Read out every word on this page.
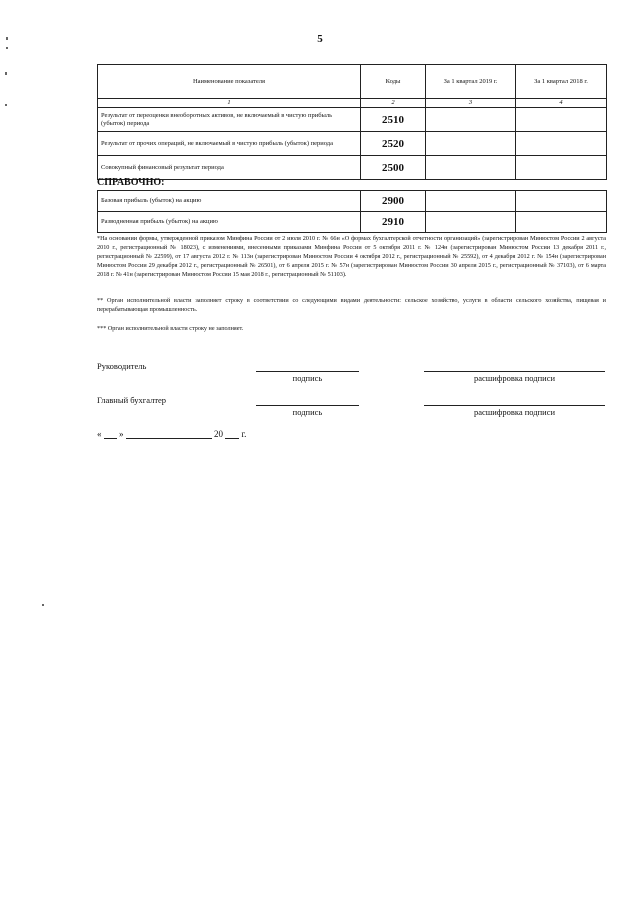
5
Наименование показателя	Коды	За 1 квартал 2019 г.	За 1 квартал 2018 г.
1	2	3	4
Результат от переоценки внеоборотных активов, не включаемый в чистую прибыль (убыток) периода	2510		
Результат от прочих операций, не включаемый в чистую прибыль (убыток) периода	2520		
Совокупный финансовый результат периода	2500		
СПРАВОЧНО:
Базовая прибыль (убыток) на акцию	2900		
Разводненная прибыль (убыток) на акцию	2910		
*На основании формы, утвержденной приказом Минфина России от 2 июля 2010 г. № 66н «О формах бухгалтерской отчетности организаций» (зарегистрирован Минюстом России 2 августа 2010 г., регистрационный № 18023), с изменениями, внесенными приказами Минфина России от 5 октября 2011 г. № 124н (зарегистрирован Минюстом России 13 декабря 2011 г., регистрационный № 22599), от 17 августа 2012 г. № 113н (зарегистрирован Минюстом России 4 октября 2012 г., регистрационный № 25592), от 4 декабря 2012 г. № 154н (зарегистрирован Минюстом России 29 декабря 2012 г., регистрационный № 26501), от 6 апреля 2015 г. № 57н (зарегистрирован Минюстом России 30 апреля 2015 г., регистрационный № 37103), от 6 марта 2018 г. № 41н (зарегистрирован Минюстом России 15 мая 2018 г., регистрационный № 51103).
** Орган исполнительной власти заполняет строку в соответствии со следующими видами деятельности: сельское хозяйство, услуги в области сельского хозяйства, пищевая и перерабатывающая промышленность.
*** Орган исполнительной власти строку не заполняет.
Руководитель
подпись	расшифровка подписи
Главный бухгалтер
подпись	расшифровка подписи
« »	20 г.
